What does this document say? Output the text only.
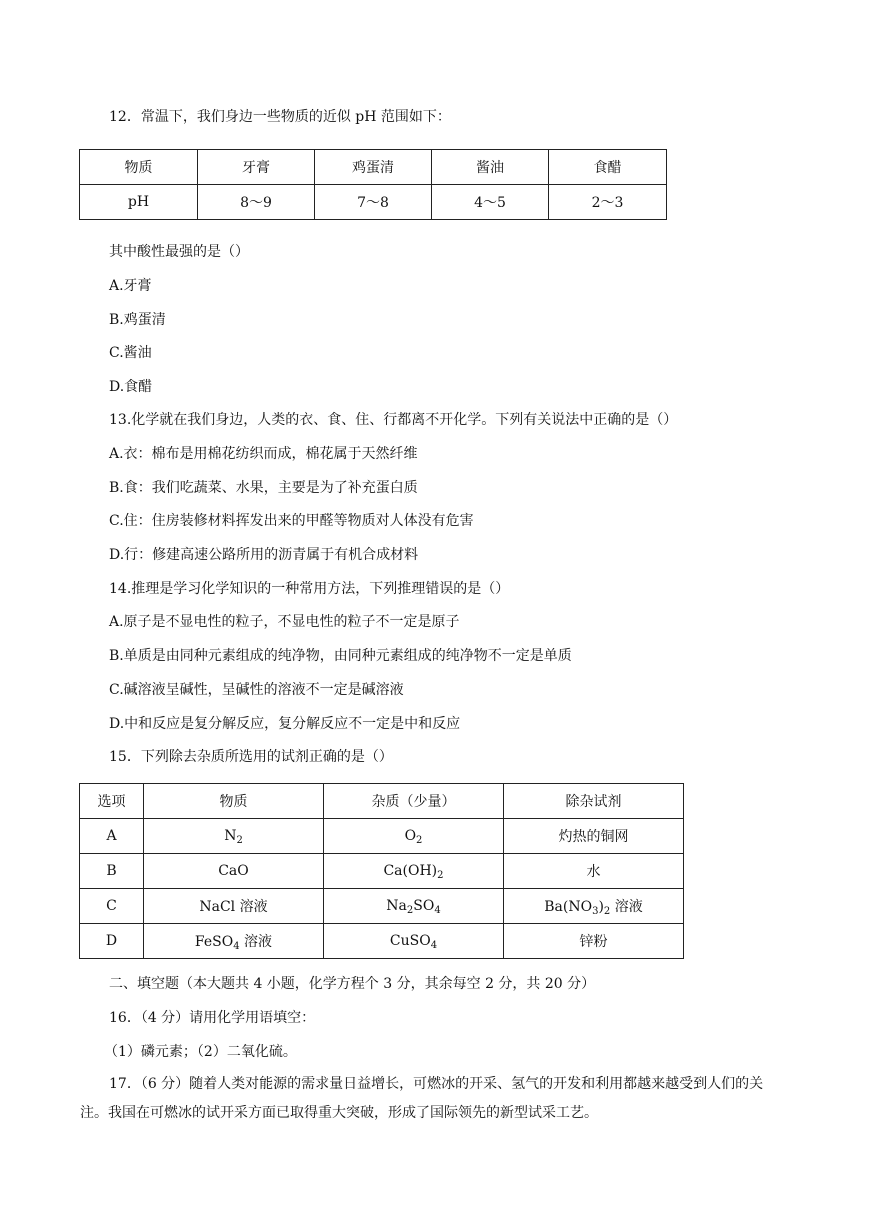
12．常温下，我们身边一些物质的近似 pH 范围如下：
物质	牙膏	鸡蛋清	酱油	食醋
pH	8～9	7～8	4～5	2～3
其中酸性最强的是（）
A.牙膏
B.鸡蛋清
C.酱油
D.食醋
13.化学就在我们身边，人类的衣、食、住、行都离不开化学。下列有关说法中正确的是（）
A.衣：棉布是用棉花纺织而成，棉花属于天然纤维
B.食：我们吃蔬菜、水果，主要是为了补充蛋白质
C.住：住房装修材料挥发出来的甲醛等物质对人体没有危害
D.行：修建高速公路所用的沥青属于有机合成材料
14.推理是学习化学知识的一种常用方法，下列推理错误的是（）
A.原子是不显电性的粒子，不显电性的粒子不一定是原子
B.单质是由同种元素组成的纯净物，由同种元素组成的纯净物不一定是单质
C.碱溶液呈碱性，呈碱性的溶液不一定是碱溶液
D.中和反应是复分解反应，复分解反应不一定是中和反应
15．下列除去杂质所选用的试剂正确的是（）
选项	物质	杂质（少量）	除杂试剂
A	$N_2$	$O_2$	灼热的铜网
B	CaO	$Ca(OH)_2$	水
C	NaCl 溶液	$Na_2SO_4$	$Ba(NO_3)_2$ 溶液
D	FeSO$_4$ 溶液	CuSO$_4$	锌粉
二、填空题（本大题共 4 小题，化学方程个 3 分，其余每空 2 分，共 20 分）
16．（4 分）请用化学用语填空：
（1）磷元素；（2）二氧化硫。
17．（6 分）随着人类对能源的需求量日益增长，可燃冰的开采、氢气的开发和利用都越来越受到人们的关注。我国在可燃冰的试开采方面已取得重大突破，形成了国际领先的新型试采工艺。
